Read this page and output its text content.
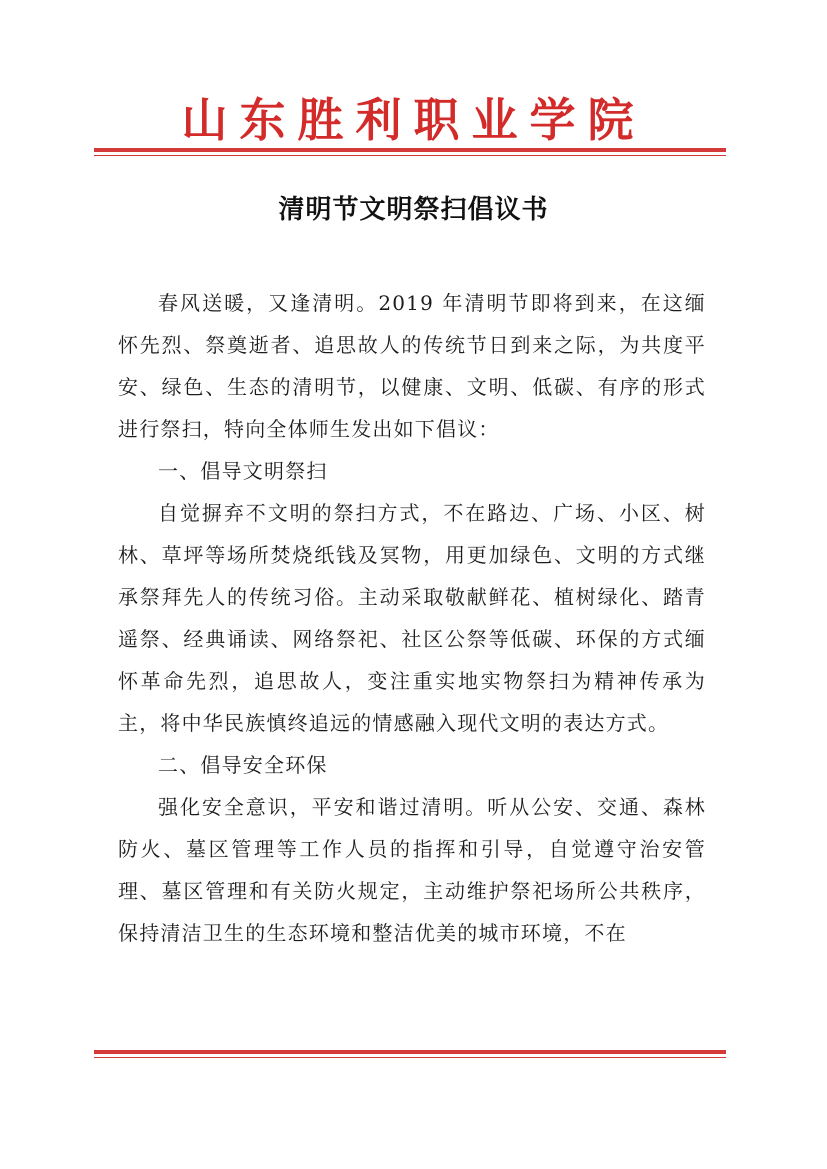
山东胜利职业学院
清明节文明祭扫倡议书

春风送暖，又逢清明。2019 年清明节即将到来，在这缅怀先烈、祭奠逝者、追思故人的传统节日到来之际，为共度平安、绿色、生态的清明节，以健康、文明、低碳、有序的形式进行祭扫，特向全体师生发出如下倡议：

一、倡导文明祭扫

自觉摒弃不文明的祭扫方式，不在路边、广场、小区、树林、草坪等场所焚烧纸钱及冥物，用更加绿色、文明的方式继承祭拜先人的传统习俗。主动采取敬献鲜花、植树绿化、踏青遥祭、经典诵读、网络祭祀、社区公祭等低碳、环保的方式缅怀革命先烈，追思故人，变注重实地实物祭扫为精神传承为主，将中华民族慎终追远的情感融入现代文明的表达方式。

二、倡导安全环保

强化安全意识，平安和谐过清明。听从公安、交通、森林防火、墓区管理等工作人员的指挥和引导，自觉遵守治安管理、墓区管理和有关防火规定，主动维护祭祀场所公共秩序，保持清洁卫生的生态环境和整洁优美的城市环境，不在
